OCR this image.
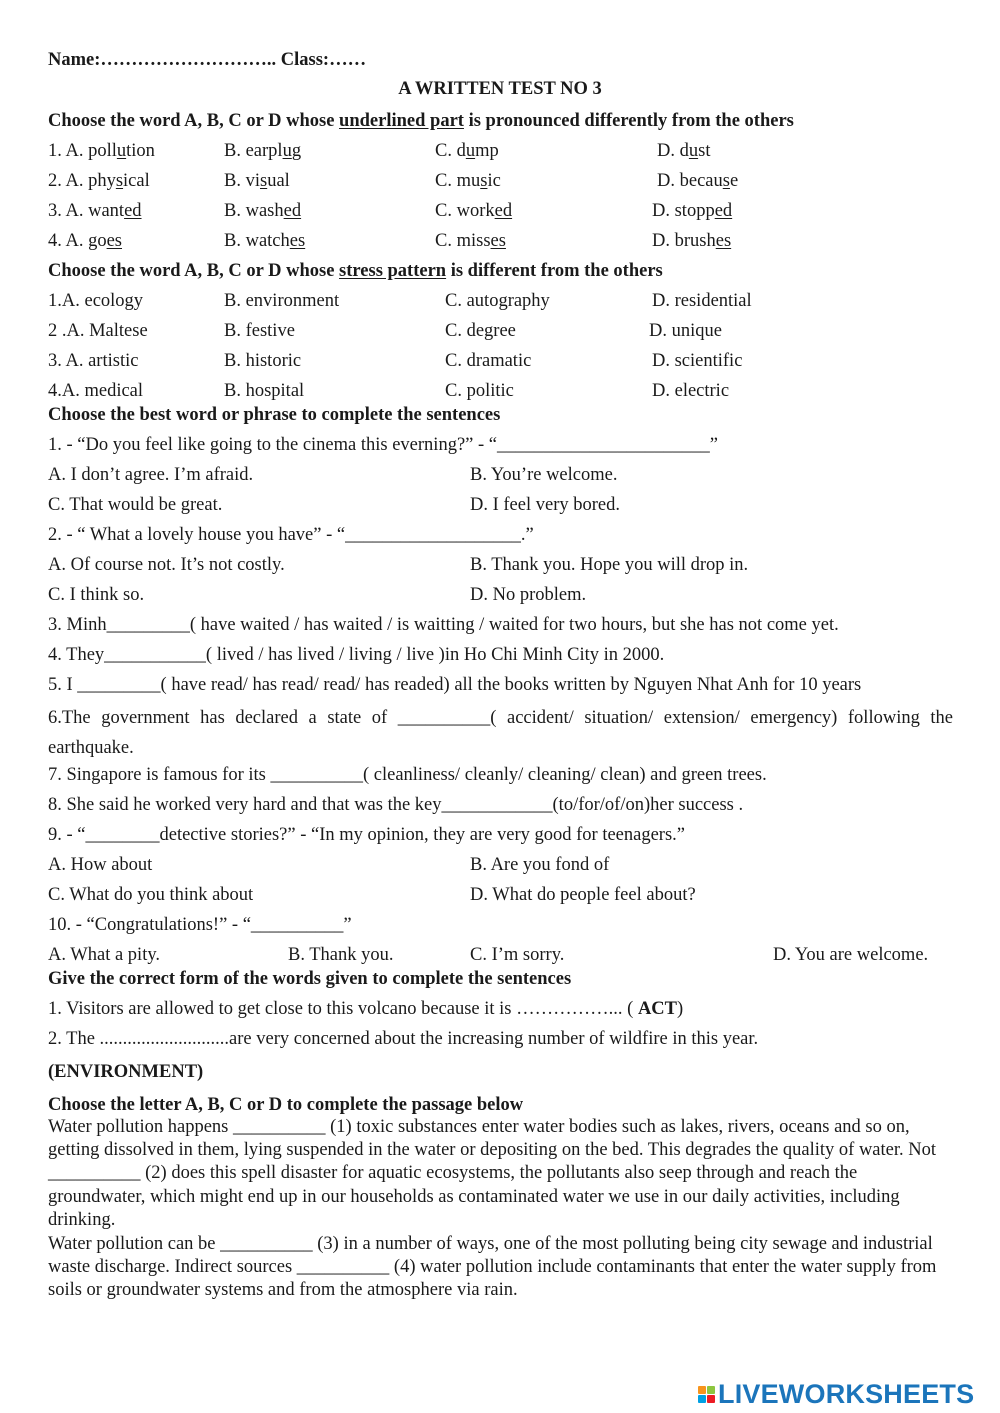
Name:……………………….. Class:……
A WRITTEN TEST NO 3
Choose the word A, B, C or D whose underlined part is pronounced differently from the others
1. A. pollution	B. earplug	C. dump	D. dust
2. A. physical	B. visual	C. music	D. because
3. A. wanted	B. washed	C. worked	D. stopped
4. A. goes	B. watches	C. misses	D. brushes
Choose the word A, B, C or D whose stress pattern is different from the others
1.A. ecology	B. environment	C. autography	D. residential
2 .A. Maltese	B. festive	C. degree	D. unique
3. A. artistic	B. historic	C. dramatic	D. scientific
4.A. medical	B. hospital	C. politic	D. electric
Choose the best word or phrase to complete the sentences
1. - “Do you feel like going to the cinema this everning?” - “_______________________”
A. I don’t agree. I’m afraid.	B. You’re welcome.
C. That would be great.	D. I feel very bored.
2. - “ What a lovely house you have” - “___________________.”
A. Of course not. It’s not costly.	B. Thank you. Hope you will drop in.
C. I think so.	D. No problem.
3. Minh_________( have waited / has waited / is waitting / waited for two hours, but she has not come yet.
4. They___________( lived / has lived / living / live )in Ho Chi Minh City in 2000.
5. I _________( have read/ has read/ read/ has readed) all the books written by Nguyen Nhat Anh for 10 years
6.The government has declared a state of __________( accident/ situation/ extension/ emergency) following the earthquake.
7. Singapore is famous for its __________( cleanliness/ cleanly/ cleaning/ clean) and green trees.
8. She said he worked very hard and that was the key____________(to/for/of/on)her success .
9. - “________detective stories?” - “In my opinion, they are very good for teenagers.”
A. How about	B. Are you fond of
C. What do you think about	D. What do people feel about?
10. - “Congratulations!” - “__________”
A. What a pity.	B. Thank you.	C. I’m sorry.	D. You are welcome.
Give the correct form of the words given to complete the sentences
1. Visitors are allowed to get close to this volcano because it is ……………... ( ACT)
2. The ............................are very concerned about the increasing number of wildfire in this year.
(ENVIRONMENT)
Choose the letter A, B, C or D to complete the passage below
Water pollution happens __________ (1) toxic substances enter water bodies such as lakes, rivers, oceans and so on, getting dissolved in them, lying suspended in the water or depositing on the bed. This degrades the quality of water. Not __________ (2) does this spell disaster for aquatic ecosystems, the pollutants also seep through and reach the groundwater, which might end up in our households as contaminated water we use in our daily activities, including drinking.
Water pollution can be __________ (3) in a number of ways, one of the most polluting being city sewage and industrial waste discharge. Indirect sources __________ (4) water pollution include contaminants that enter the water supply from soils or groundwater systems and from the atmosphere via rain.
LIVEWORKSHEETS
